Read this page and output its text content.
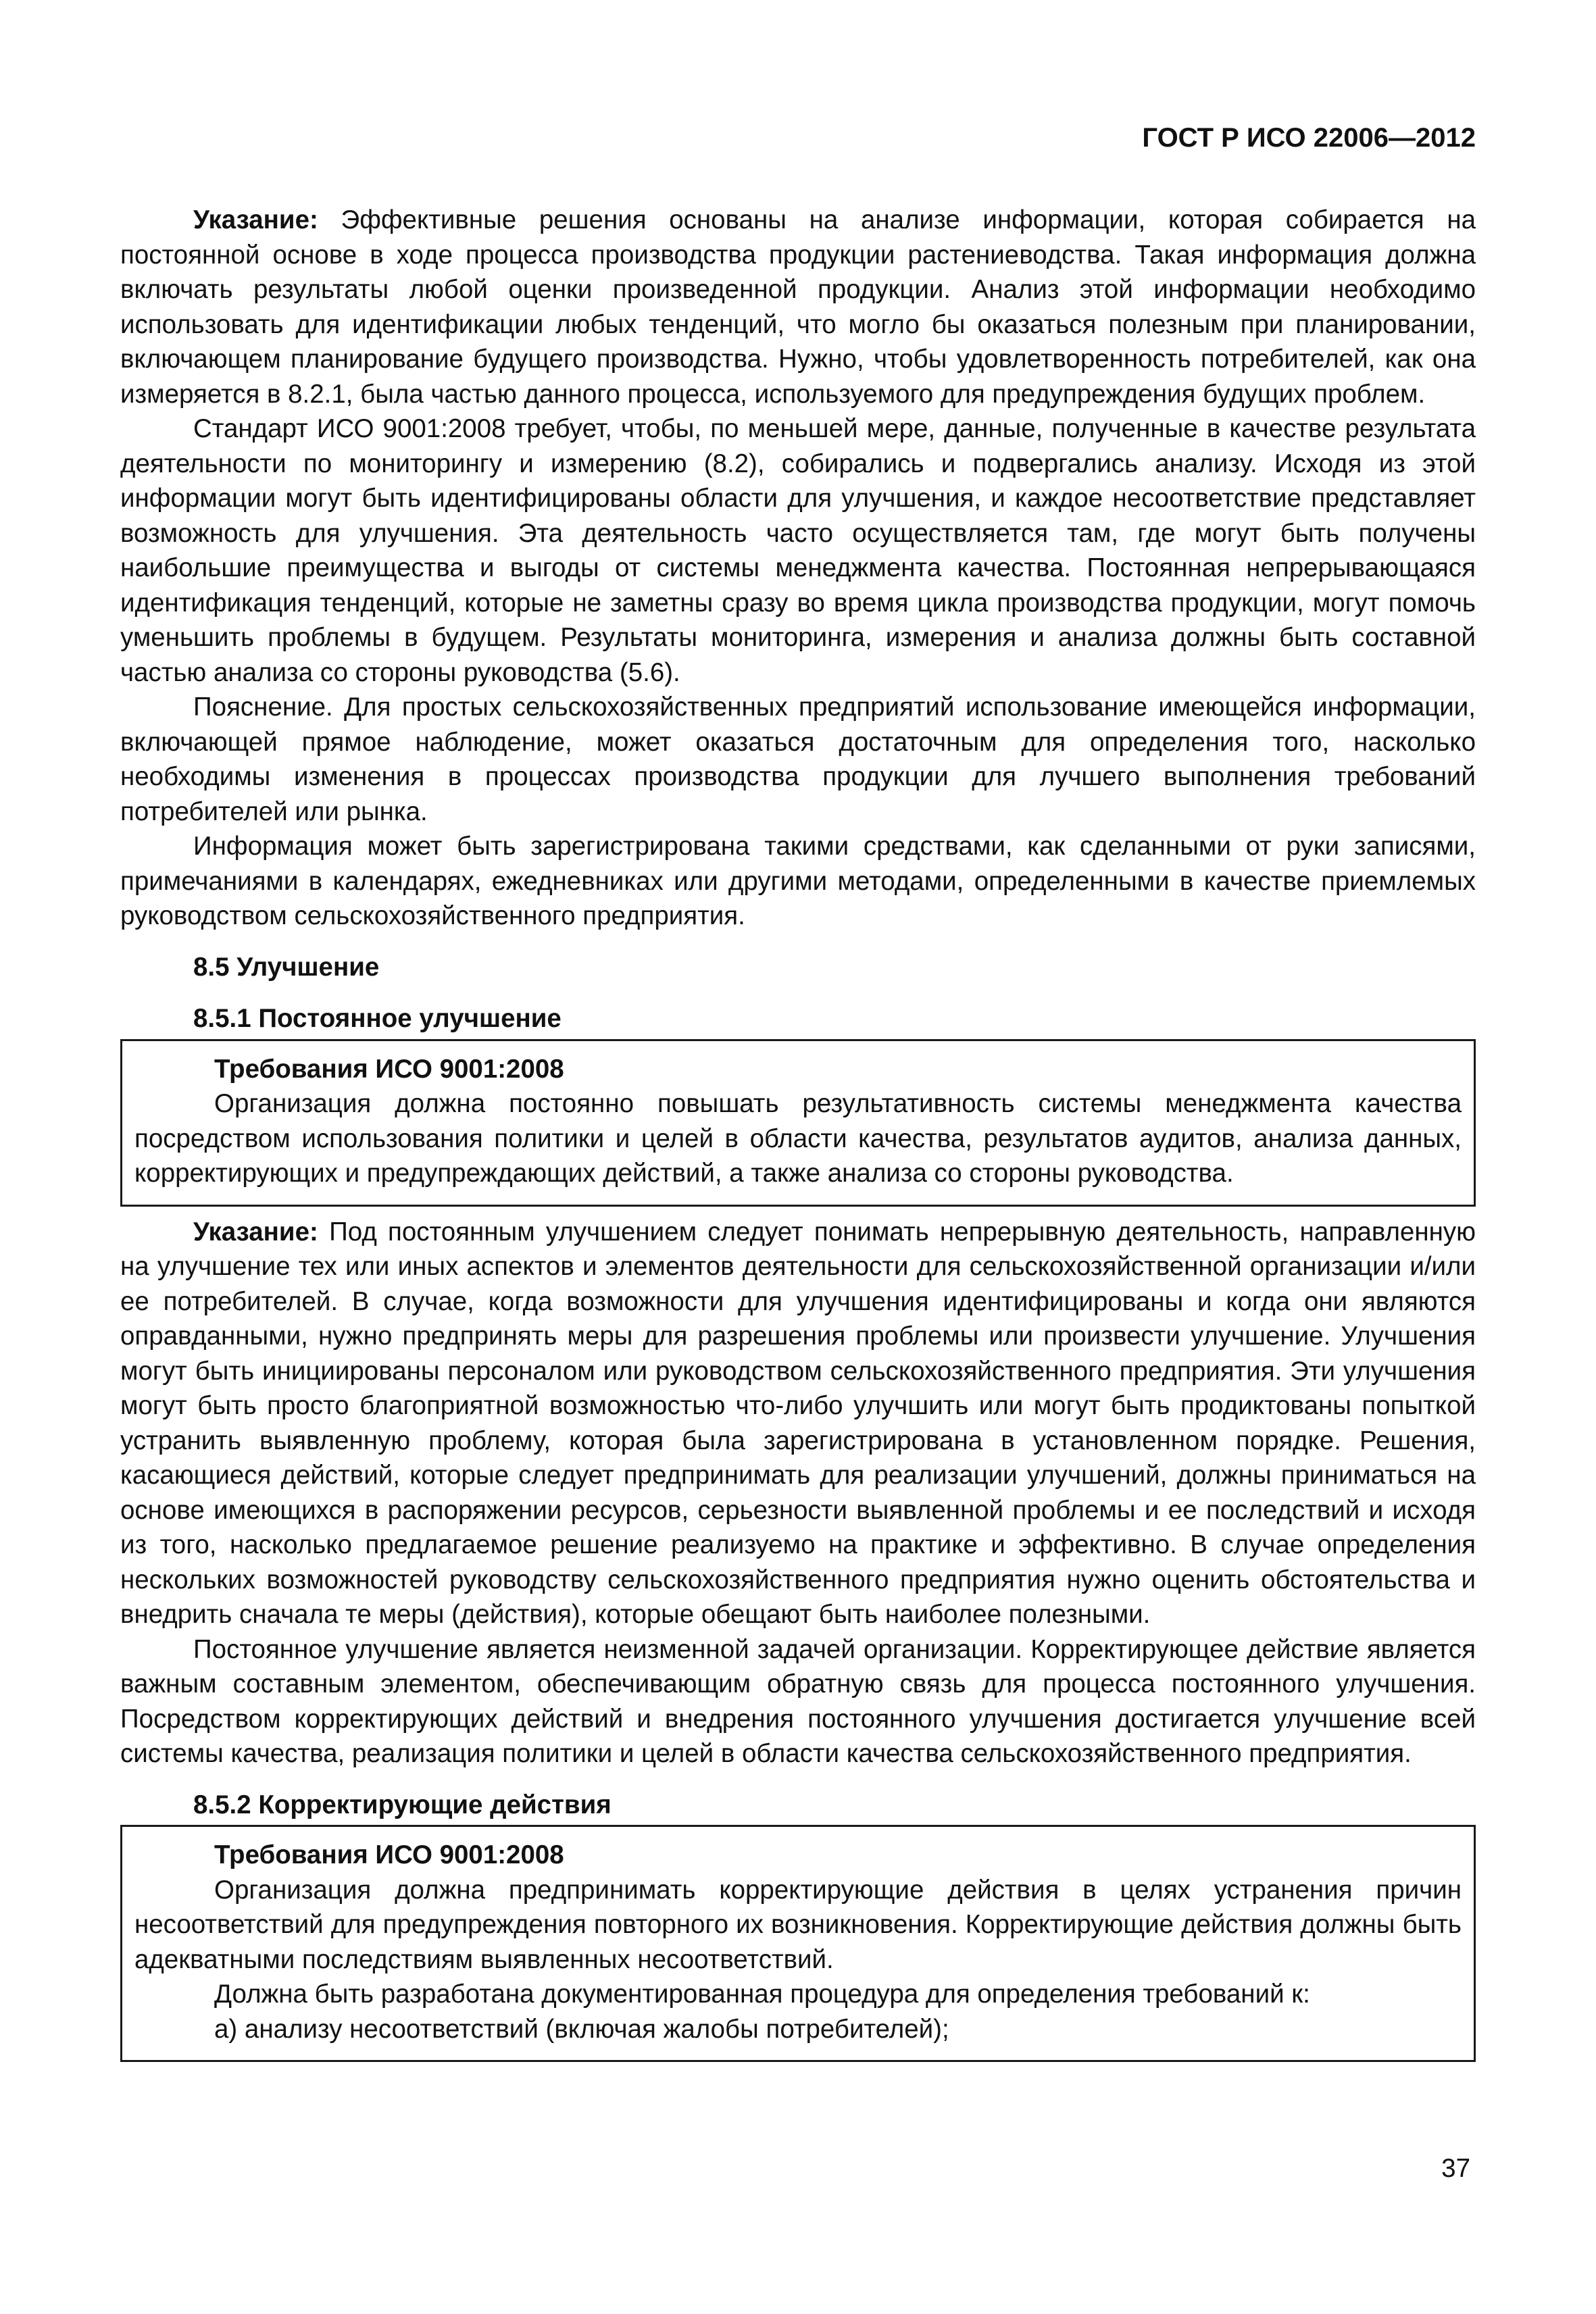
ГОСТ Р ИСО 22006—2012

Указание: Эффективные решения основаны на анализе информации, которая собирается на постоянной основе в ходе процесса производства продукции растениеводства. Такая информация должна включать результаты любой оценки произведенной продукции. Анализ этой информации необходимо использовать для идентификации любых тенденций, что могло бы оказаться полезным при планировании, включающем планирование будущего производства. Нужно, чтобы удовлетворенность потребителей, как она измеряется в 8.2.1, была частью данного процесса, используемого для предупреждения будущих проблем.

Стандарт ИСО 9001:2008 требует, чтобы, по меньшей мере, данные, полученные в качестве результата деятельности по мониторингу и измерению (8.2), собирались и подвергались анализу. Исходя из этой информации могут быть идентифицированы области для улучшения, и каждое несоответствие представляет возможность для улучшения. Эта деятельность часто осуществляется там, где могут быть получены наибольшие преимущества и выгоды от системы менеджмента качества. Постоянная непрерывающаяся идентификация тенденций, которые не заметны сразу во время цикла производства продукции, могут помочь уменьшить проблемы в будущем. Результаты мониторинга, измерения и анализа должны быть составной частью анализа со стороны руководства (5.6).

Пояснение. Для простых сельскохозяйственных предприятий использование имеющейся информации, включающей прямое наблюдение, может оказаться достаточным для определения того, насколько необходимы изменения в процессах производства продукции для лучшего выполнения требований потребителей или рынка.

Информация может быть зарегистрирована такими средствами, как сделанными от руки записями, примечаниями в календарях, ежедневниках или другими методами, определенными в качестве приемлемых руководством сельскохозяйственного предприятия.

8.5 Улучшение
8.5.1 Постоянное улучшение
Требования ИСО 9001:2008

Организация должна постоянно повышать результативность системы менеджмента качества посредством использования политики и целей в области качества, результатов аудитов, анализа данных, корректирующих и предупреждающих действий, а также анализа со стороны руководства.

Указание: Под постоянным улучшением следует понимать непрерывную деятельность, направленную на улучшение тех или иных аспектов и элементов деятельности для сельскохозяйственной организации и/или ее потребителей. В случае, когда возможности для улучшения идентифицированы и когда они являются оправданными, нужно предпринять меры для разрешения проблемы или произвести улучшение. Улучшения могут быть инициированы персоналом или руководством сельскохозяйственного предприятия. Эти улучшения могут быть просто благоприятной возможностью что-либо улучшить или могут быть продиктованы попыткой устранить выявленную проблему, которая была зарегистрирована в установленном порядке. Решения, касающиеся действий, которые следует предпринимать для реализации улучшений, должны приниматься на основе имеющихся в распоряжении ресурсов, серьезности выявленной проблемы и ее последствий и исходя из того, насколько предлагаемое решение реализуемо на практике и эффективно. В случае определения нескольких возможностей руководству сельскохозяйственного предприятия нужно оценить обстоятельства и внедрить сначала те меры (действия), которые обещают быть наиболее полезными.

Постоянное улучшение является неизменной задачей организации. Корректирующее действие является важным составным элементом, обеспечивающим обратную связь для процесса постоянного улучшения. Посредством корректирующих действий и внедрения постоянного улучшения достигается улучшение всей системы качества, реализация политики и целей в области качества сельскохозяйственного предприятия.

8.5.2 Корректирующие действия
Требования ИСО 9001:2008

Организация должна предпринимать корректирующие действия в целях устранения причин несоответствий для предупреждения повторного их возникновения. Корректирующие действия должны быть адекватными последствиям выявленных несоответствий.

Должна быть разработана документированная процедура для определения требований к:

a) анализу несоответствий (включая жалобы потребителей);

37
